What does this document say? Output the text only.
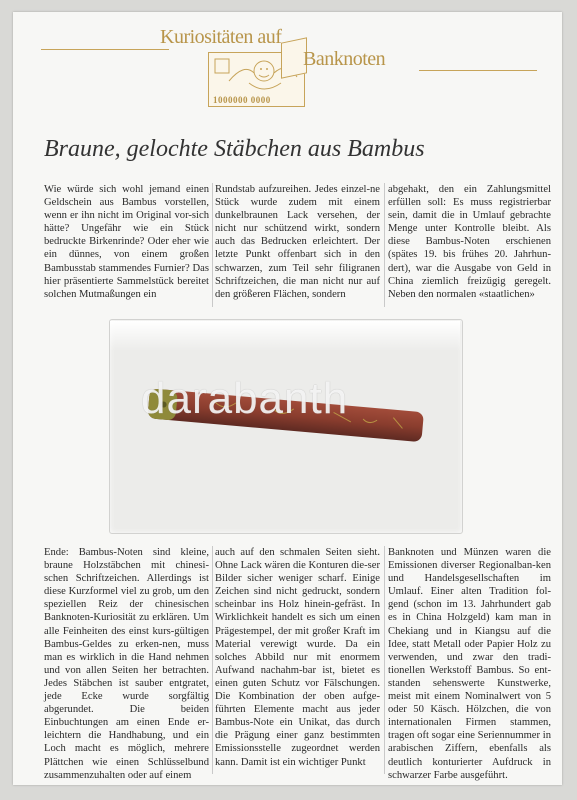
1000000 0000
Kuriositäten auf
Banknoten
Braune, gelochte Stäbchen aus Bambus

Wie würde sich wohl jemand einen Geldschein aus Bambus vorstellen, wenn er ihn nicht im Original vor-sich hätte? Ungefähr wie ein Stück bedruckte Birkenrinde? Oder eher wie ein dünnes, von einem großen Bambusstab stammendes Furnier? Das hier präsentierte Sammelstück bereitet solchen Mutmaßungen ein

Rundstab aufzureihen. Jedes einzel-ne Stück wurde zudem mit einem dunkelbraunen Lack versehen, der nicht nur schützend wirkt, sondern auch das Bedrucken erleichtert. Der letzte Punkt offenbart sich in den schwarzen, zum Teil sehr filigranen Schriftzeichen, die man nicht nur auf den größeren Flächen, sondern

abgehakt, den ein Zahlungsmittel erfüllen soll: Es muss registrierbar sein, damit die in Umlauf gebrachte Menge unter Kontrolle bleibt. Als diese Bambus-Noten erschienen (spätes 19. bis frühes 20. Jahrhun-dert), war die Ausgabe von Geld in China ziemlich freizügig geregelt. Neben den normalen «staatlichen»

darabanth

Ende: Bambus-Noten sind kleine, braune Holzstäbchen mit chinesi-schen Schriftzeichen. Allerdings ist diese Kurzformel viel zu grob, um den speziellen Reiz der chinesischen Banknoten-Kuriosität zu erklären. Um alle Feinheiten des einst kurs-gültigen Bambus-Geldes zu erken-nen, muss man es wirklich in die Hand nehmen und von allen Seiten her betrachten. Jedes Stäbchen ist sauber entgratet, jede Ecke wurde sorgfältig abgerundet. Die beiden Einbuchtungen am einen Ende er-leichtern die Handhabung, und ein Loch macht es möglich, mehrere Plättchen wie einen Schlüsselbund zusammenzuhalten oder auf einem

auch auf den schmalen Seiten sieht. Ohne Lack wären die Konturen die-ser Bilder sicher weniger scharf. Einige Zeichen sind nicht gedruckt, sondern scheinbar ins Holz hinein-gefräst. In Wirklichkeit handelt es sich um einen Prägestempel, der mit großer Kraft im Material verewigt wurde. Da ein solches Abbild nur mit enormem Aufwand nachahm-bar ist, bietet es einen guten Schutz vor Fälschungen. Die Kombination der oben aufge-führten Elemente macht aus jeder Bambus-Note ein Unikat, das durch die Prägung einer ganz bestimmten Emissionsstelle zugeordnet werden kann. Damit ist ein wichtiger Punkt

Banknoten und Münzen waren die Emissionen diverser Regionalban-ken und Handelsgesellschaften im Umlauf. Einer alten Tradition fol-gend (schon im 13. Jahrhundert gab es in China Holzgeld) kam man in Chekiang und in Kiangsu auf die Idee, statt Metall oder Papier Holz zu verwenden, und zwar den tradi-tionellen Werkstoff Bambus. So ent-standen sehenswerte Kunstwerke, meist mit einem Nominalwert von 5 oder 50 Käsch. Hölzchen, die von internationalen Firmen stammen, tragen oft sogar eine Seriennummer in arabischen Ziffern, ebenfalls als deutlich konturierter Aufdruck in schwarzer Farbe ausgeführt.
